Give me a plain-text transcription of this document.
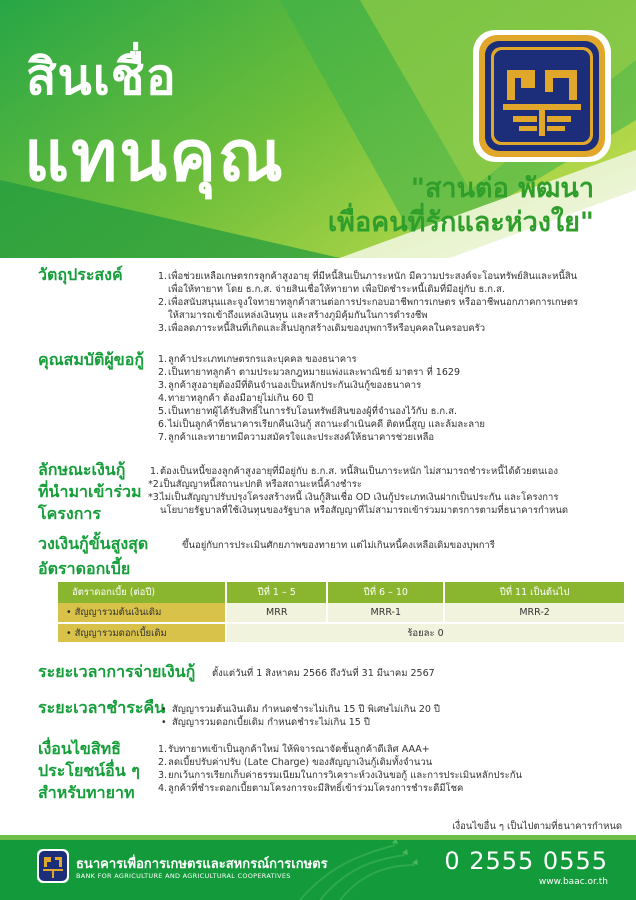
สินเชื่อ
แทนคุณ	"สานต่อ พัฒนา
เพื่อคนที่รักและห่วงใย"
วัตถุประสงค์	1. เพื่อช่วยเหลือเกษตรกรลูกค้าสูงอายุ ที่มีหนี้สินเป็นภาระหนัก มีความประสงค์จะโอนทรัพย์สินและหนี้สิน
เพื่อให้ทายาท โดย ธ.ก.ส. จ่ายสินเชื่อให้ทายาท เพื่อปิดชำระหนี้เดิมที่มีอยู่กับ ธ.ก.ส.
2. เพื่อสนับสนุนและจูงใจทายาทลูกค้าสานต่อการประกอบอาชีพการเกษตร หรืออาชีพนอกภาคการเกษตร
ให้สามารถเข้าถึงแหล่งเงินทุน และสร้างภูมิคุ้มกันในการดำรงชีพ
3. เพื่อลดภาระหนี้สินที่เกิดและสิ้นปลูกสร้างเดิมของบุพการีหรือบุคคลในครอบครัว
คุณสมบัติผู้ขอกู้ 1. ลูกค้าประเภทเกษตรกรและบุคคล ของธนาคาร
2. เป็นทายาทลูกค้า ตามประมวลกฎหมายแพ่งและพาณิชย์ มาตรา ที่ 1629
3. ลูกค้าสูงอายุต้องมีที่ดินจำนองเป็นหลักประกันเงินกู้ของธนาคาร
4. ทายาทลูกค้า ต้องมีอายุไม่เกิน 60 ปี
5. เป็นทายาทผู้ได้รับสิทธิ์ในการรับโอนทรัพย์สินของผู้ที่จำนองไว้กับ ธ.ก.ส.
6. ไม่เป็นลูกค้าที่ธนาคารเรียกคืนเงินกู้ สถานะดำเนินคดี ติดหนี้สูญ และล้มละลาย
7. ลูกค้าและทายาทมีความสมัครใจและประสงค์ให้ธนาคารช่วยเหลือ
ลักษณะเงินกู้
ที่นำมาเข้าร่วม
โครงการ
1. ต้องเป็นหนี้ของลูกค้าสูงอายุที่มีอยู่กับ ธ.ก.ส. หนี้สินเป็นภาระหนัก ไม่สามารถชำระหนี้ได้ด้วยตนเอง
*2.
เป็นสัญญาหนี้สถานะปกติ หรือสถานะหนี้ค้างชำระ
*3.
ไม่เป็นสัญญาปรับปรุงโครงสร้างหนี้ เงินกู้สินเชื่อ OD เงินกู้ประเภทเงินฝากเป็นประกัน และโครงการ
นโยบายรัฐบาลที่ใช้เงินทุนของรัฐบาล หรือสัญญาที่ไม่สามารถเข้าร่วมมาตรการตามที่ธนาคารกำหนด
วงเงินกู้ขั้นสูงสุด	ขึ้นอยู่กับการประเมินศักยภาพของทายาท แต่ไม่เกินหนี้คงเหลือเดิมของบุพการี
อัตราดอกเบี้ย
อัตราดอกเบี้ย (ต่อปี)	ปีที่ 1 – 5	ปีที่ 6 – 10	ปีที่ 11 เป็นต้นไป
• สัญญารวมต้นเงินเดิม	MRR	MRR-1	MRR-2
• สัญญารวมดอกเบี้ยเดิม	ร้อยละ 0		
ระยะเวลาการจ่ายเงินกู้ ตั้งแต่วันที่ 1 สิงหาคม 2566 ถึงวันที่ 31 มีนาคม 2567
ระยะเวลาชำระคืน • สัญญารวมต้นเงินเดิม กำหนดชำระไม่เกิน 15 ปี พิเศษไม่เกิน 20 ปี
• สัญญารวมดอกเบี้ยเดิม กำหนดชำระไม่เกิน 15 ปี
เงื่อนไขสิทธิ
ประโยชน์อื่น ๆ
สำหรับทายาท
1. รับทายาทเข้าเป็นลูกค้าใหม่ ให้พิจารณาจัดชั้นลูกค้าดีเลิศ AAA+
2. ลดเบี้ยปรับค่าปรับ (Late Charge) ของสัญญาเงินกู้เดิมทั้งจำนวน
3. ยกเว้นการเรียกเก็บค่าธรรมเนียมในการวิเคราะห์วงเงินขอกู้ และการประเมินหลักประกัน
4. ลูกค้าที่ชำระดอกเบี้ยตามโครงการจะมีสิทธิ์เข้าร่วมโครงการชำระดีมีโชค
เงื่อนไขอื่น ๆ เป็นไปตามที่ธนาคารกำหนด
ธนาคารเพื่อการเกษตรและสหกรณ์การเกษตร
BANK FOR AGRICULTURE AND AGRICULTURAL COOPERATIVES
0 2555 0555
www.baac.or.th
